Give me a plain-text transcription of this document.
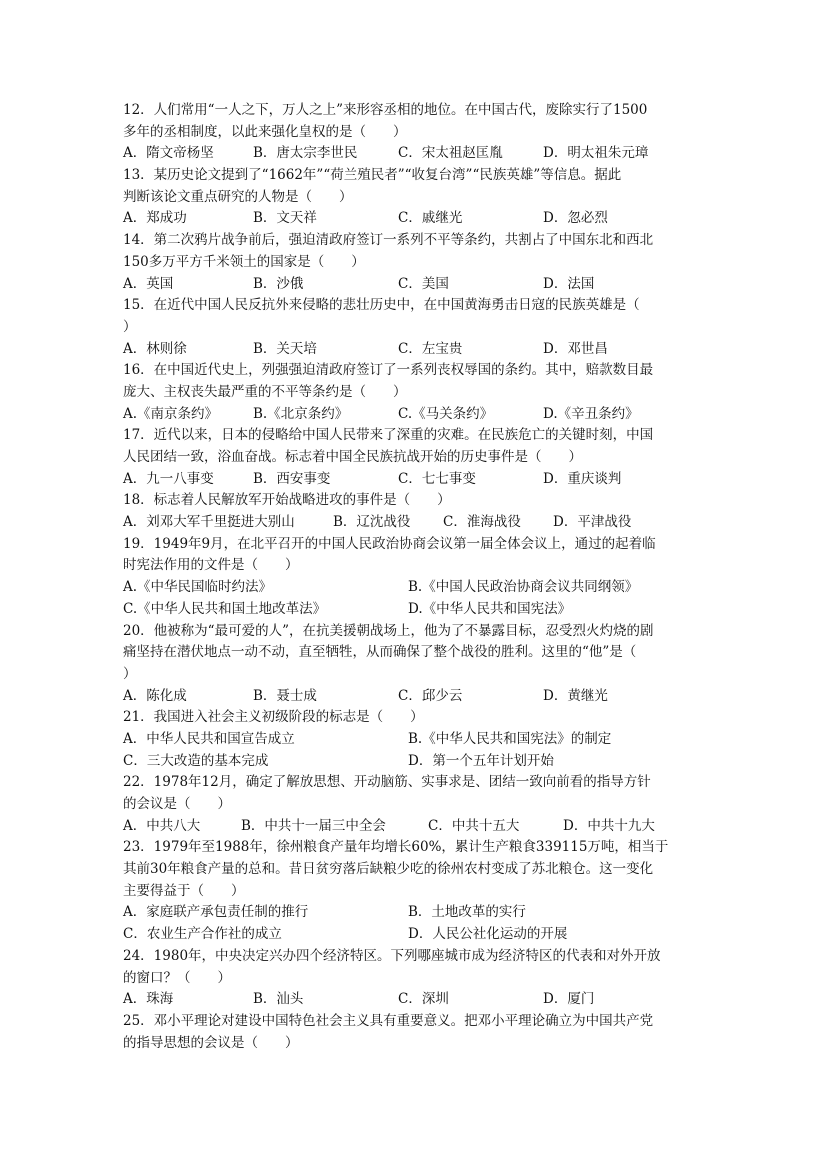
12．人们常用“一人之下，万人之上”来形容丞相的地位。在中国古代，废除实行了1500
多年的丞相制度，以此来强化皇权的是（　　）
A．隋文帝杨坚	B．唐太宗李世民	C．宋太祖赵匡胤	D．明太祖朱元璋
13．某历史论文提到了“1662年”“荷兰殖民者”“收复台湾”“民族英雄”等信息。据此
判断该论文重点研究的人物是（　　）
A．郑成功	B．文天祥	C．戚继光	D．忽必烈
14．第二次鸦片战争前后，强迫清政府签订一系列不平等条约，共割占了中国东北和西北
150多万平方千米领土的国家是（　　）
A．英国	B．沙俄	C．美国	D．法国
15．在近代中国人民反抗外来侵略的悲壮历史中，在中国黄海勇击日寇的民族英雄是（
）
A．林则徐	B．关天培	C．左宝贵	D．邓世昌
16．在中国近代史上，列强强迫清政府签订了一系列丧权辱国的条约。其中，赔款数目最
庞大、主权丧失最严重的不平等条约是（　　）
A.《南京条约》	B.《北京条约》	C.《马关条约》	D.《辛丑条约》
17．近代以来，日本的侵略给中国人民带来了深重的灾难。在民族危亡的关键时刻，中国
人民团结一致，浴血奋战。标志着中国全民族抗战开始的历史事件是（　　）
A．九一八事变	B．西安事变	C．七七事变	D．重庆谈判
18．标志着人民解放军开始战略进攻的事件是（　　）
A．刘邓大军千里挺进大别山	B．辽沈战役 C．淮海战役 D．平津战役
19．1949年9月，在北平召开的中国人民政治协商会议第一届全体会议上，通过的起着临
时宪法作用的文件是（　　）
A.《中华民国临时约法》	B.《中国人民政治协商会议共同纲领》
C.《中华人民共和国土地改革法》	D.《中华人民共和国宪法》
20．他被称为“最可爱的人”，在抗美援朝战场上，他为了不暴露目标，忍受烈火灼烧的剧
痛坚持在潜伏地点一动不动，直至牺牲，从而确保了整个战役的胜利。这里的“他”是（
）
A．陈化成	B．聂士成	C．邱少云	D．黄继光
21．我国进入社会主义初级阶段的标志是（　　）
A．中华人民共和国宣告成立	B.《中华人民共和国宪法》的制定
C．三大改造的基本完成	D．第一个五年计划开始
22．1978年12月，确定了解放思想、开动脑筋、实事求是、团结一致向前看的指导方针
的会议是（　　）
A．中共八大	B．中共十一届三中全会	C．中共十五大	D．中共十九大
23．1979年至1988年，徐州粮食产量年均增长60%，累计生产粮食339115万吨，相当于
其前30年粮食产量的总和。昔日贫穷落后缺粮少吃的徐州农村变成了苏北粮仓。这一变化
主要得益于（　　）
A．家庭联产承包责任制的推行	B．土地改革的实行
C．农业生产合作社的成立	D．人民公社化运动的开展
24．1980年，中央决定兴办四个经济特区。下列哪座城市成为经济特区的代表和对外开放
的窗口？（　　）
A．珠海	B．汕头	C．深圳	D．厦门
25．邓小平理论对建设中国特色社会主义具有重要意义。把邓小平理论确立为中国共产党
的指导思想的会议是（　　）
